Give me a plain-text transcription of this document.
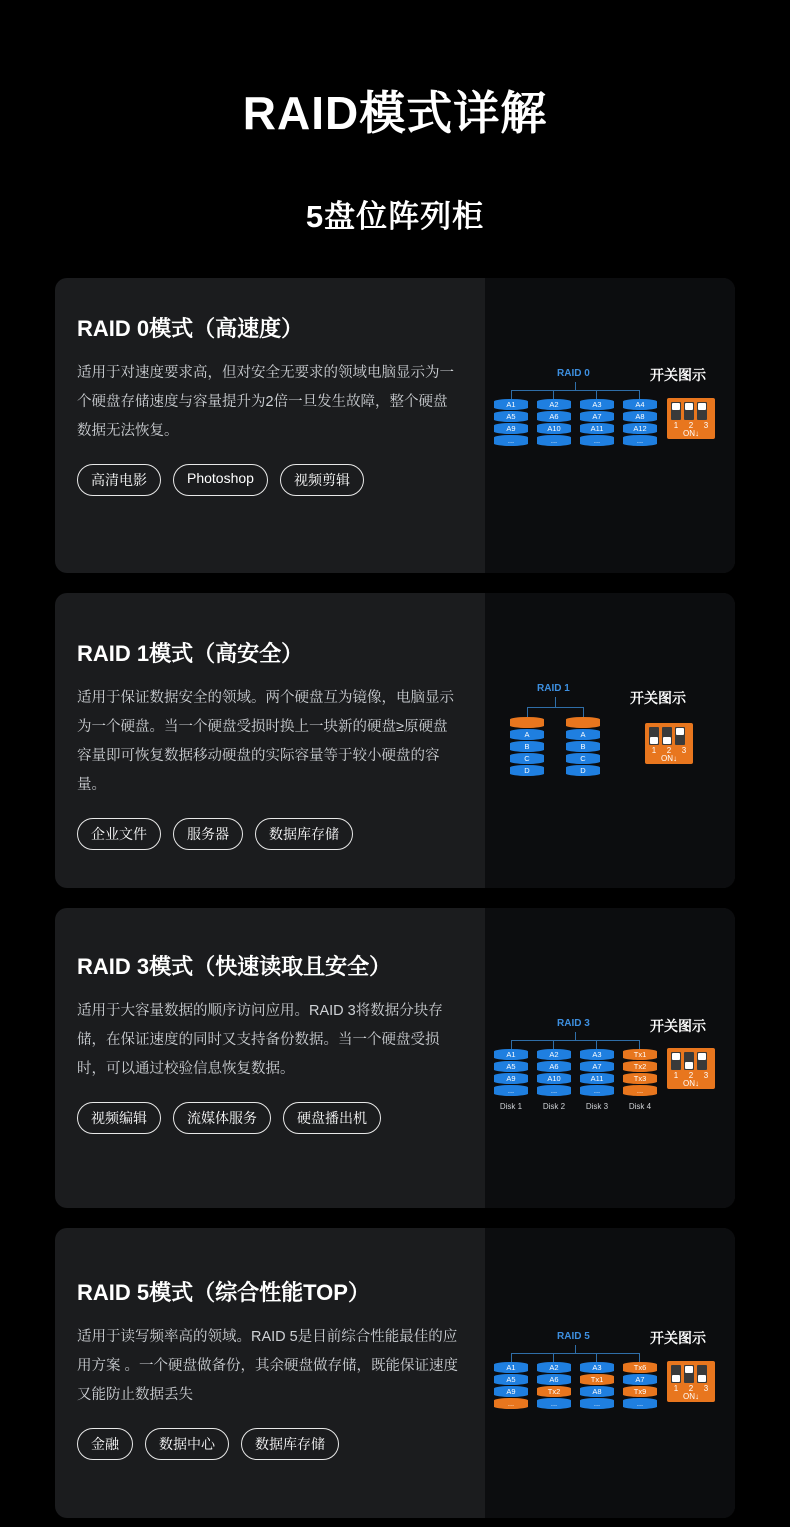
RAID模式详解
5盘位阵列柜
RAID 0模式（高速度）
适用于对速度要求高，但对安全无要求的领域电脑显示为一个硬盘存储速度与容量提升为2倍一旦发生故障，整个硬盘数据无法恢复。
高清电影	Photoshop	视频剪辑
RAID 0	开关图示
A1
A5
A9
...
A2
A6
A10
...
A3
A7
A11
...
A4
A8
A12
...
1	2	3
ON↓
RAID 1模式（高安全）
适用于保证数据安全的领域。两个硬盘互为镜像，电脑显示为一个硬盘。当一个硬盘受损时换上一块新的硬盘≥原硬盘容量即可恢复数据移动硬盘的实际容量等于较小硬盘的容量。
企业文件	服务器	数据库存储
RAID 1
开关图示
A
B
C
D
A
B
C
D
1	2	3
ON↓
RAID 3模式（快速读取且安全）
适用于大容量数据的顺序访问应用。RAID 3将数据分块存储，在保证速度的同时又支持备份数据。当一个硬盘受损时，可以通过校验信息恢复数据。
视频编辑	流媒体服务	硬盘播出机
RAID 3	开关图示
A1
A5
A9
...
A2
A6
A10
...
A3
A7
A11
...
Tx1
Tx2
Tx3
...
Disk 1	Disk 2	Disk 3	Disk 4
1	2	3
ON↓
RAID 5模式（综合性能TOP）
适用于读写频率高的领域。RAID 5是目前综合性能最佳的应用方案 。一个硬盘做备份，其余硬盘做存储，既能保证速度又能防止数据丢失
金融	数据中心	数据库存储
RAID 5	开关图示
A1
A5
A9
...
A2
A6
Tx2
...
A3
Tx1
A8
...
Tx6
A7
Tx9
...
1	2	3
ON↓
